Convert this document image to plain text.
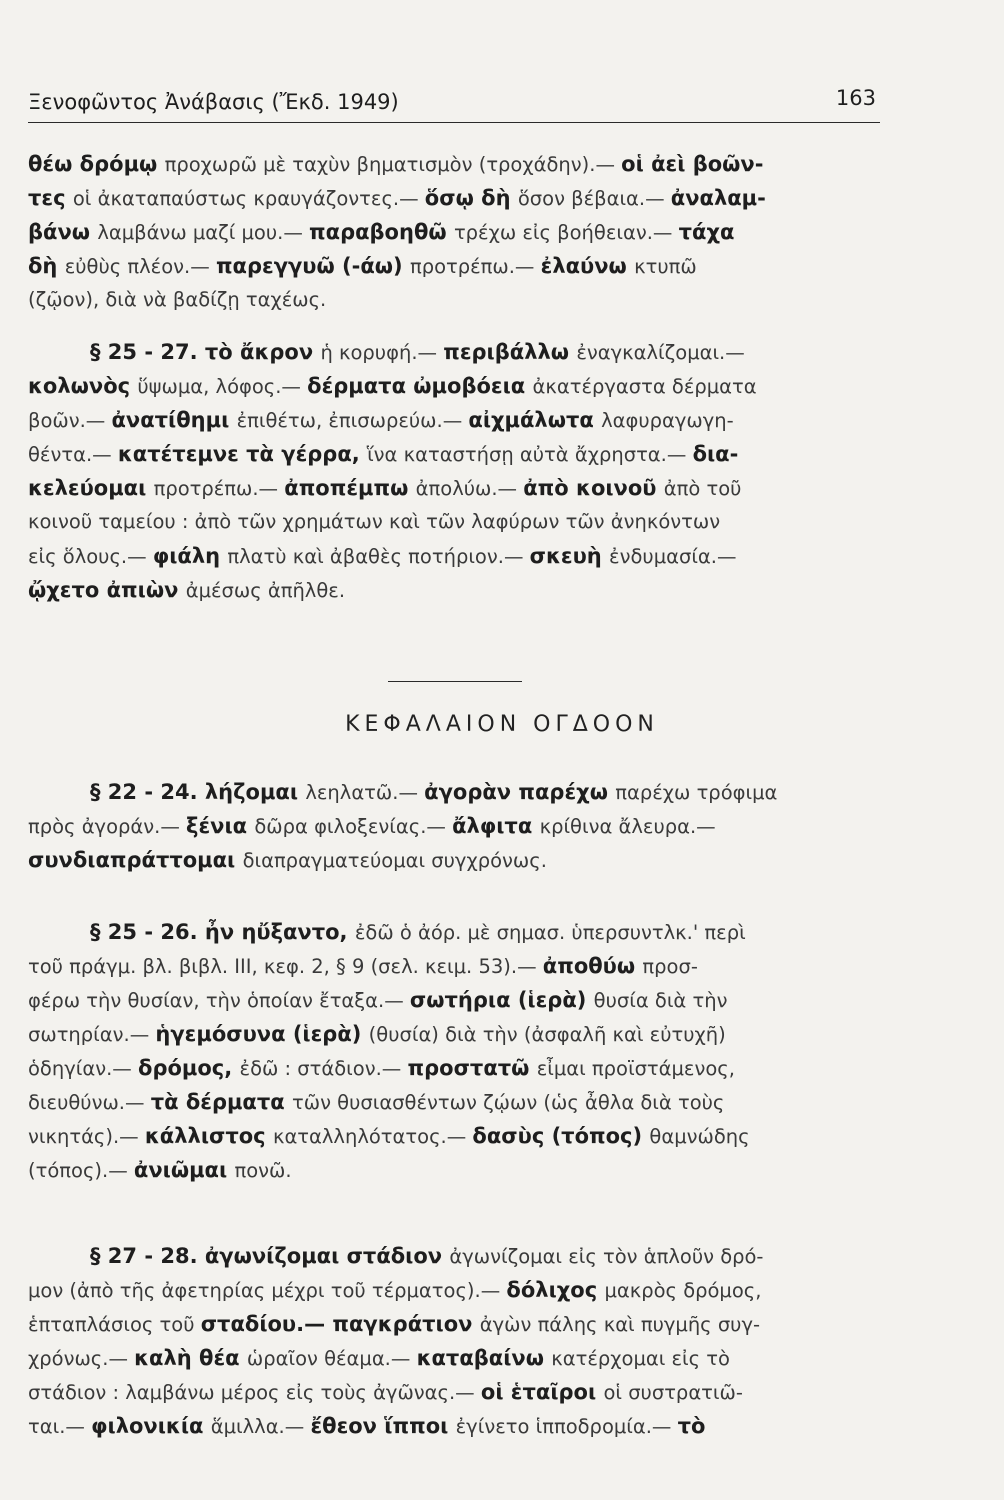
Ξενοφῶντος Ἀνάβασις (Ἔκδ. 1949)	163
θέω δρόμῳ προχωρῶ μὲ ταχὺν βηματισμὸν (τροχάδην).— οἱ ἀεὶ βοῶν-
τες οἱ ἀκαταπαύστως κραυγάζοντες.— ὅσῳ δὴ ὅσον βέβαια.— ἀναλαμ-
βάνω λαμβάνω μαζί μου.— παραβοηθῶ τρέχω εἰς βοήθειαν.— τάχα
δὴ εὐθὺς πλέον.— παρεγγυῶ (-άω) προτρέπω.— ἐλαύνω κτυπῶ
(ζῷον), διὰ νὰ βαδίζῃ ταχέως.
§ 25 - 27. τὸ ἄκρον ἡ κορυφή.— περιβάλλω ἐναγκαλίζομαι.—
κολωνὸς ὕψωμα, λόφος.— δέρματα ὠμοβόεια ἀκατέργαστα δέρματα
βοῶν.— ἀνατίθημι ἐπιθέτω, ἐπισωρεύω.— αἰχμάλωτα λαφυραγωγη-
θέντα.— κατέτεμνε τὰ γέρρα, ἵνα καταστήσῃ αὐτὰ ἄχρηστα.— δια-
κελεύομαι προτρέπω.— ἀποπέμπω ἀπολύω.— ἀπὸ κοινοῦ ἀπὸ τοῦ
κοινοῦ ταμείου : ἀπὸ τῶν χρημάτων καὶ τῶν λαφύρων τῶν ἀνηκόντων
εἰς ὅλους.— φιάλη πλατὺ καὶ ἀβαθὲς ποτήριον.— σκευὴ ἐνδυμασία.—
ᾤχετο ἀπιὼν ἀμέσως ἀπῆλθε.
§ 22 - 24. λήζομαι λεηλατῶ.— ἀγορὰν παρέχω παρέχω τρόφιμα
πρὸς ἀγοράν.— ξένια δῶρα φιλοξενίας.— ἄλφιτα κρίθινα ἄλευρα.—
συνδιαπράττομαι διαπραγματεύομαι συγχρόνως.
§ 25 - 26. ἦν ηὔξαντο, ἐδῶ ὁ ἀόρ. μὲ σημασ. ὑπερσυντλκ.' περὶ
τοῦ πράγμ. βλ. βιβλ. III, κεφ. 2, § 9 (σελ. κειμ. 53).— ἀποθύω προσ-
φέρω τὴν θυσίαν, τὴν ὁποίαν ἔταξα.— σωτήρια (ἱερὰ) θυσία διὰ τὴν
σωτηρίαν.— ἡγεμόσυνα (ἱερὰ) (θυσία) διὰ τὴν (ἀσφαλῆ καὶ εὐτυχῆ)
ὁδηγίαν.— δρόμος, ἐδῶ : στάδιον.— προστατῶ εἶμαι προϊστάμενος,
διευθύνω.— τὰ δέρματα τῶν θυσιασθέντων ζῴων (ὡς ἆθλα διὰ τοὺς
νικητάς).— κάλλιστος καταλληλότατος.— δασὺς (τόπος) θαμνώδης
(τόπος).— ἀνιῶμαι πονῶ.
§ 27 - 28. ἀγωνίζομαι στάδιον ἀγωνίζομαι εἰς τὸν ἁπλοῦν δρό-
μον (ἀπὸ τῆς ἀφετηρίας μέχρι τοῦ τέρματος).— δόλιχος μακρὸς δρόμος,
ἑπταπλάσιος τοῦ σταδίου.— παγκράτιον ἀγὼν πάλης καὶ πυγμῆς συγ-
χρόνως.— καλὴ θέα ὡραῖον θέαμα.— καταβαίνω κατέρχομαι εἰς τὸ
στάδιον : λαμβάνω μέρος εἰς τοὺς ἀγῶνας.— οἱ ἑταῖροι οἱ συστρατιῶ-
ται.— φιλονικία ἅμιλλα.— ἔθεον ἵπποι ἐγίνετο ἱπποδρομία.— τὸ
ΚΕΦΑΛΑΙΟΝ ΟΓΔΟΟΝ
